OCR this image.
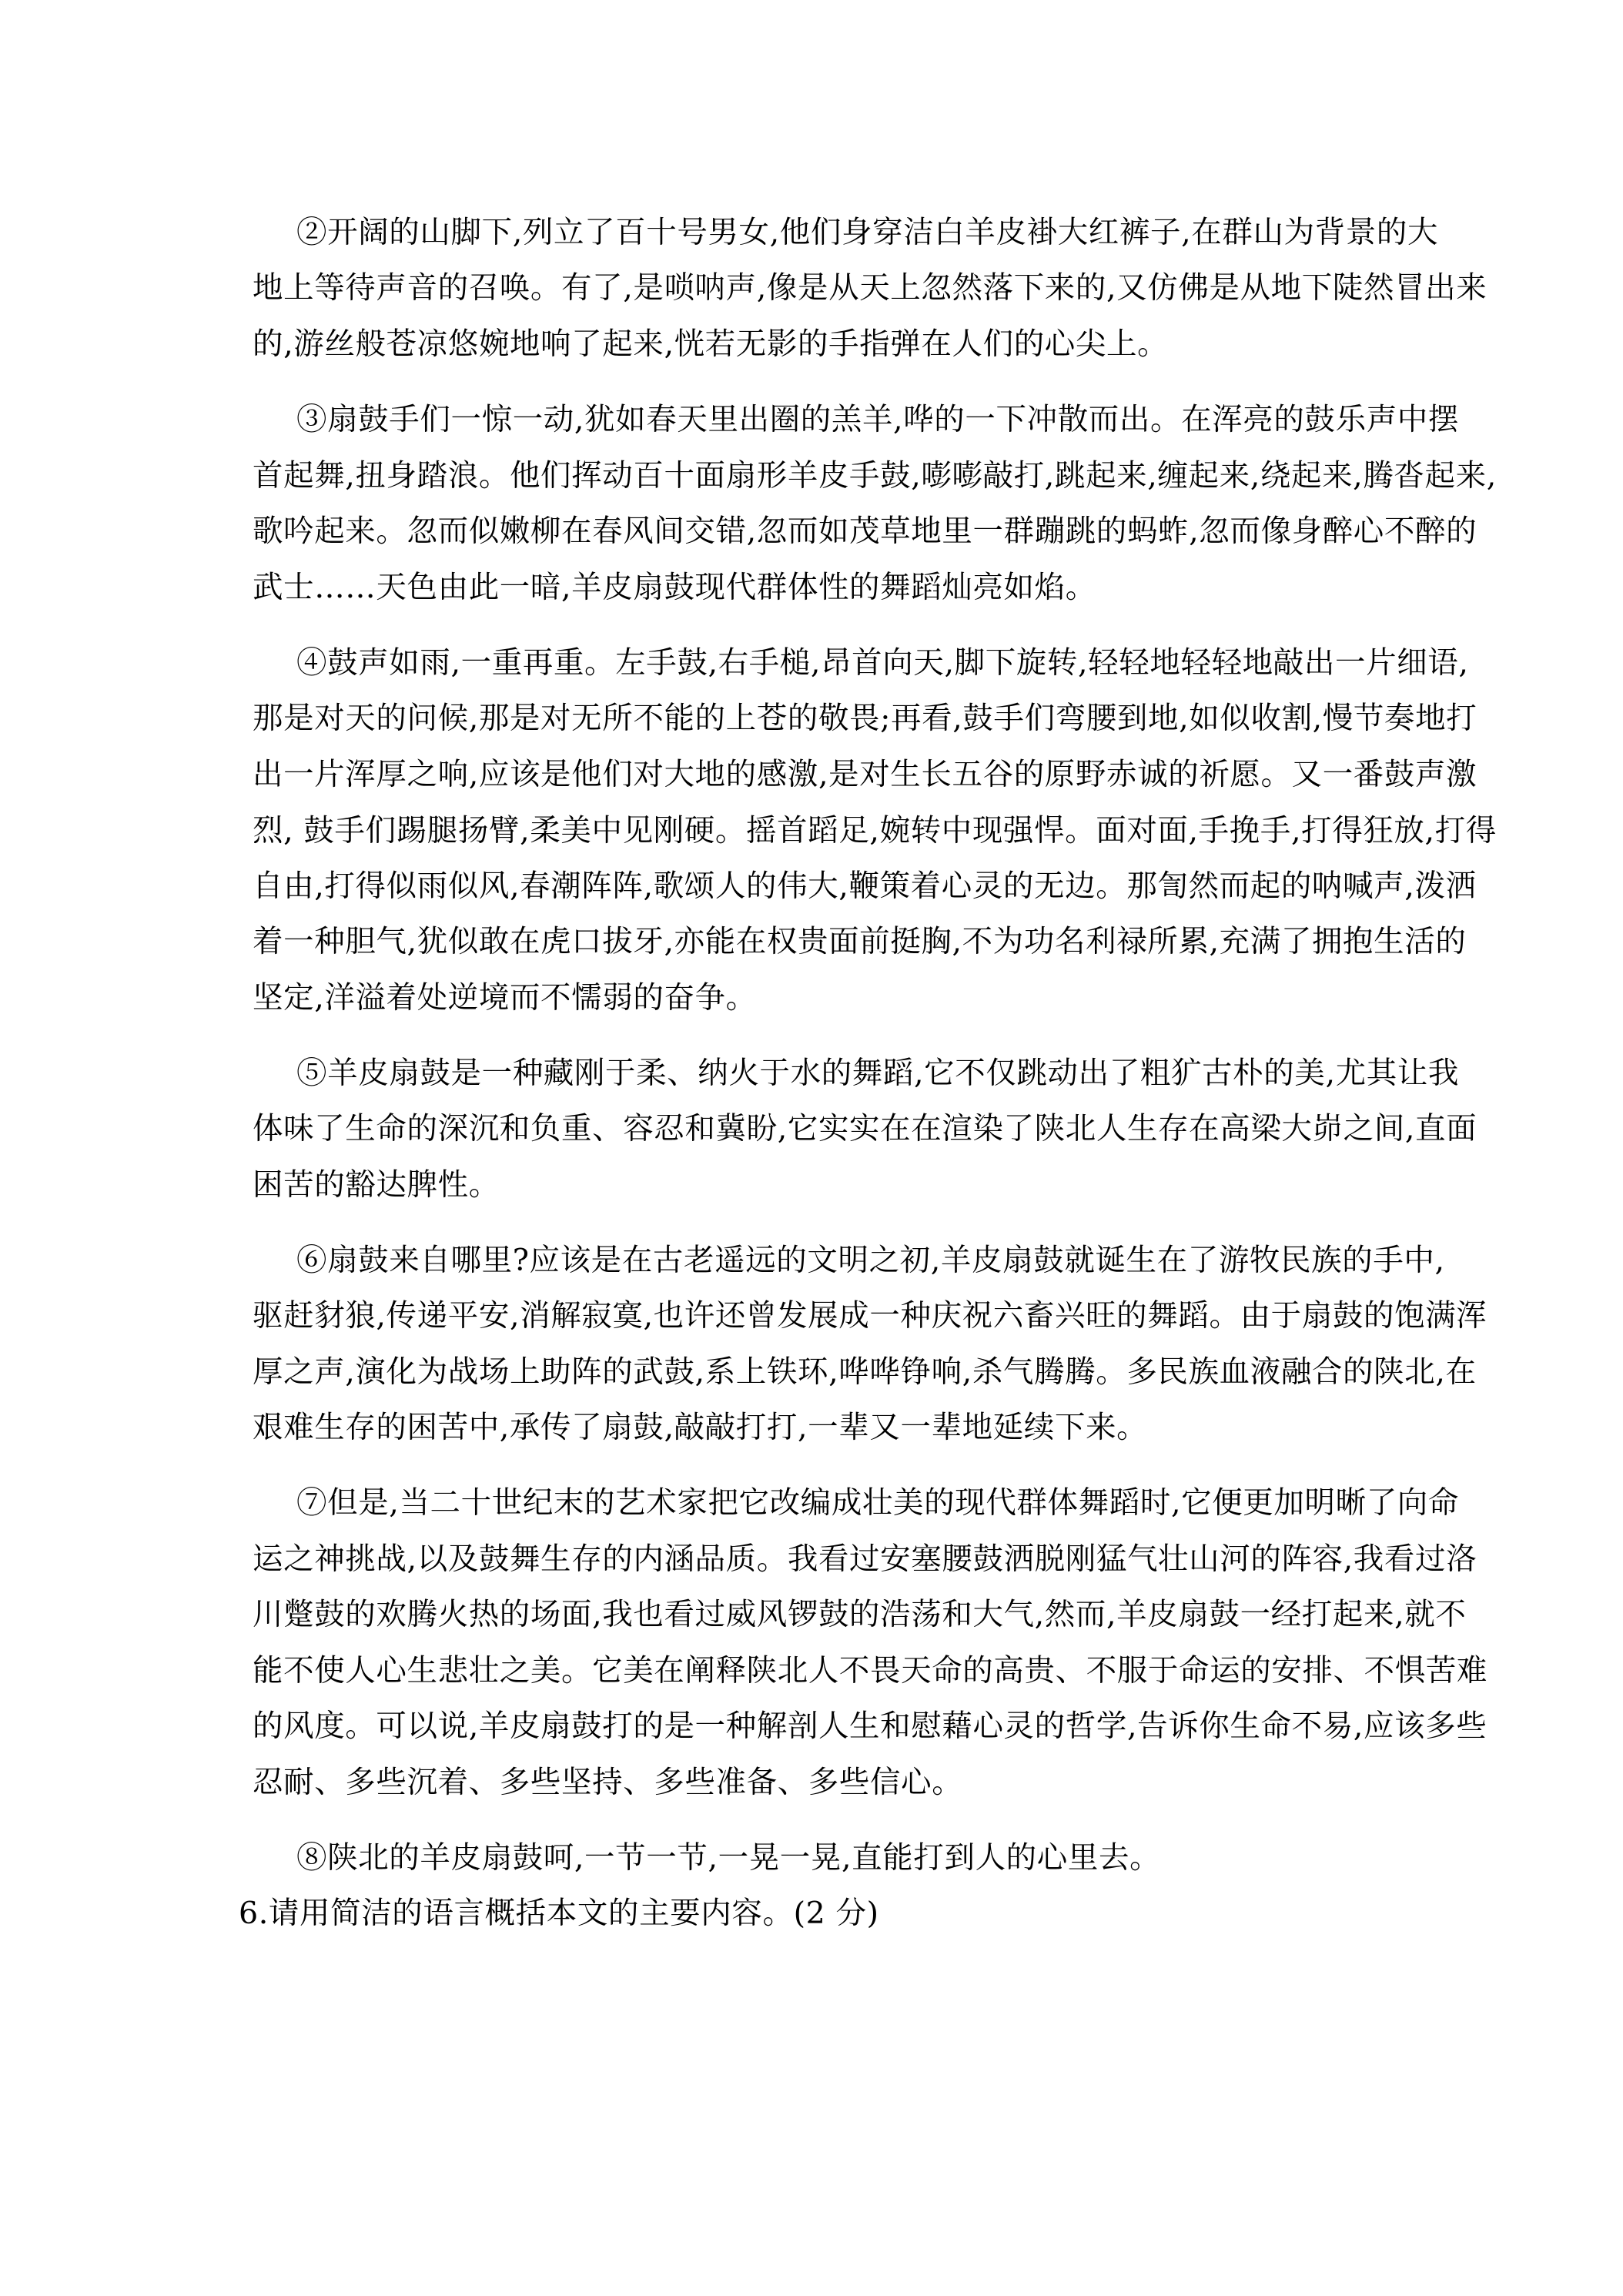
②开阔的山脚下,列立了百十号男女,他们身穿洁白羊皮褂大红裤子,在群山为背景的大

地上等待声音的召唤。有了,是唢呐声,像是从天上忽然落下来的,又仿佛是从地下陡然冒出来

的,游丝般苍凉悠婉地响了起来,恍若无影的手指弹在人们的心尖上。

③扇鼓手们一惊一动,犹如春天里出圈的羔羊,哗的一下冲散而出。在浑亮的鼓乐声中摆

首起舞,扭身踏浪。他们挥动百十面扇形羊皮手鼓,嘭嘭敲打,跳起来,缠起来,绕起来,腾沓起来,

歌吟起来。忽而似嫩柳在春风间交错,忽而如茂草地里一群蹦跳的蚂蚱,忽而像身醉心不醉的

武士……天色由此一暗,羊皮扇鼓现代群体性的舞蹈灿亮如焰。

④鼓声如雨,一重再重。左手鼓,右手槌,昂首向天,脚下旋转,轻轻地轻轻地敲出一片细语,

那是对天的问候,那是对无所不能的上苍的敬畏;再看,鼓手们弯腰到地,如似收割,慢节奏地打

出一片浑厚之响,应该是他们对大地的感激,是对生长五谷的原野赤诚的祈愿。又一番鼓声激

烈, 鼓手们踢腿扬臂,柔美中见刚硬。摇首蹈足,婉转中现强悍。面对面,手挽手,打得狂放,打得

自由,打得似雨似风,春潮阵阵,歌颂人的伟大,鞭策着心灵的无边。那訇然而起的呐喊声,泼洒

着一种胆气,犹似敢在虎口拔牙,亦能在权贵面前挺胸,不为功名利禄所累,充满了拥抱生活的

坚定,洋溢着处逆境而不懦弱的奋争。

⑤羊皮扇鼓是一种藏刚于柔、纳火于水的舞蹈,它不仅跳动出了粗犷古朴的美,尤其让我

体味了生命的深沉和负重、容忍和冀盼,它实实在在渲染了陕北人生存在高梁大峁之间,直面

困苦的豁达脾性。

⑥扇鼓来自哪里?应该是在古老遥远的文明之初,羊皮扇鼓就诞生在了游牧民族的手中,

驱赶豺狼,传递平安,消解寂寞,也许还曾发展成一种庆祝六畜兴旺的舞蹈。由于扇鼓的饱满浑

厚之声,演化为战场上助阵的武鼓,系上铁环,哗哗铮响,杀气腾腾。多民族血液融合的陕北,在

艰难生存的困苦中,承传了扇鼓,敲敲打打,一辈又一辈地延续下来。

⑦但是,当二十世纪末的艺术家把它改编成壮美的现代群体舞蹈时,它便更加明晰了向命

运之神挑战,以及鼓舞生存的内涵品质。我看过安塞腰鼓洒脱刚猛气壮山河的阵容,我看过洛

川蹩鼓的欢腾火热的场面,我也看过威风锣鼓的浩荡和大气,然而,羊皮扇鼓一经打起来,就不

能不使人心生悲壮之美。它美在阐释陕北人不畏天命的高贵、不服于命运的安排、不惧苦难

的风度。可以说,羊皮扇鼓打的是一种解剖人生和慰藉心灵的哲学,告诉你生命不易,应该多些

忍耐、多些沉着、多些坚持、多些准备、多些信心。

⑧陕北的羊皮扇鼓呵,一节一节,一晃一晃,直能打到人的心里去。

6.请用简洁的语言概括本文的主要内容。(2 分)
